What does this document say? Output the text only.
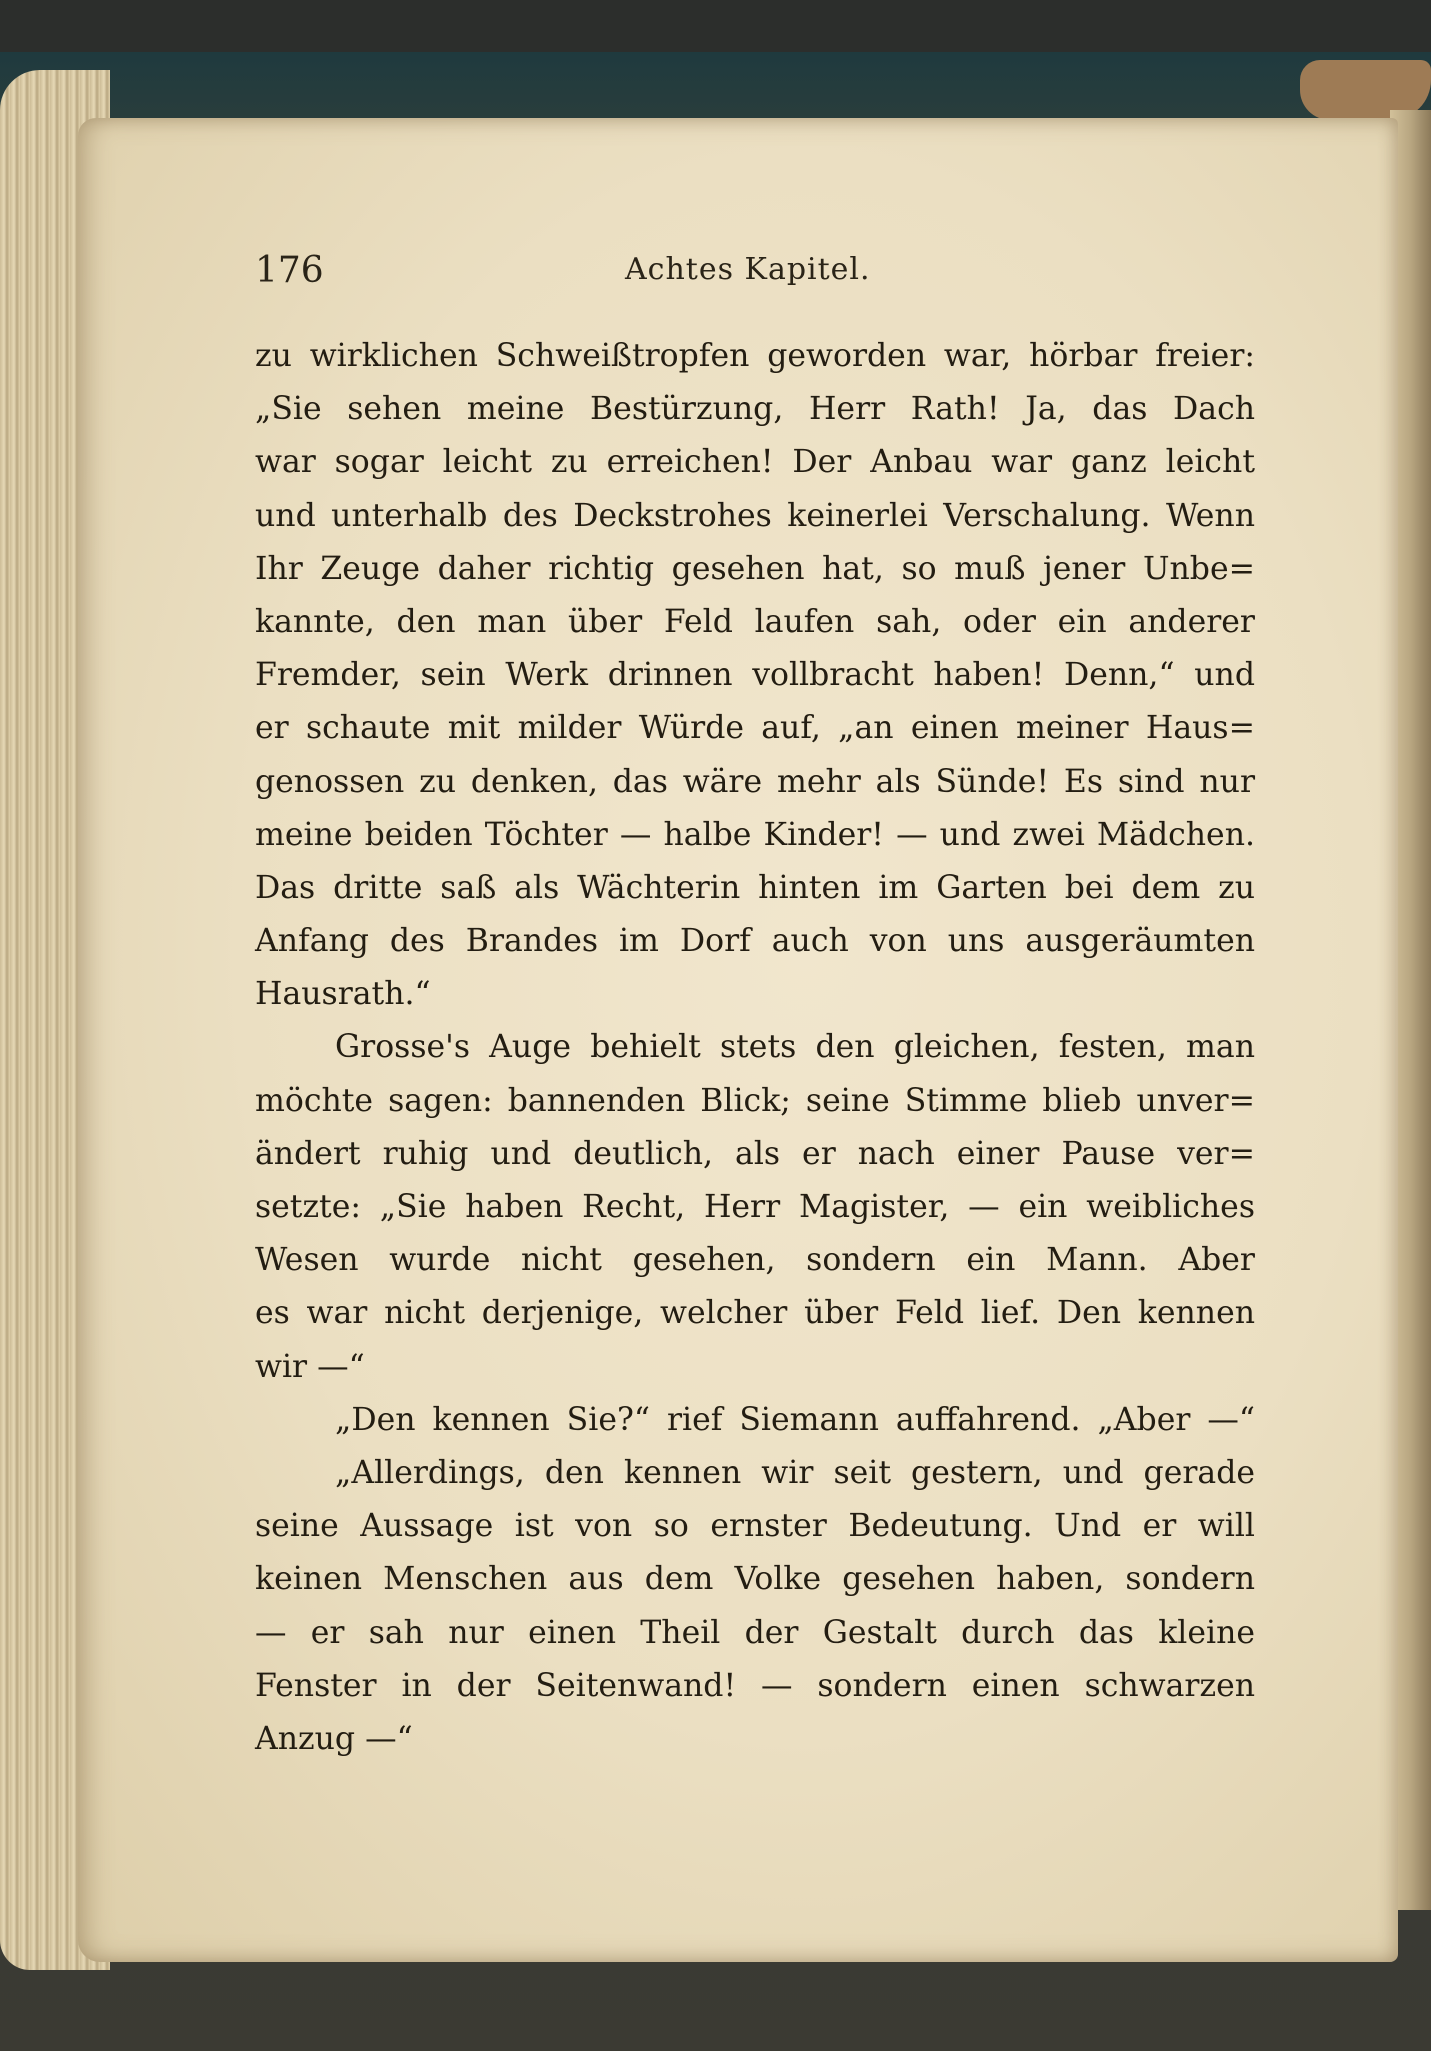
176	Achtes Kapitel.
zu wirklichen Schweißtropfen geworden war, hörbar freier:
„Sie sehen meine Bestürzung, Herr Rath! Ja, das Dach
war sogar leicht zu erreichen! Der Anbau war ganz leicht
und unterhalb des Deckstrohes keinerlei Verschalung. Wenn
Ihr Zeuge daher richtig gesehen hat, so muß jener Unbe=
kannte, den man über Feld laufen sah, oder ein anderer
Fremder, sein Werk drinnen vollbracht haben! Denn,“ und
er schaute mit milder Würde auf, „an einen meiner Haus=
genossen zu denken, das wäre mehr als Sünde! Es sind nur
meine beiden Töchter — halbe Kinder! — und zwei Mädchen.
Das dritte saß als Wächterin hinten im Garten bei dem zu
Anfang des Brandes im Dorf auch von uns ausgeräumten
Hausrath.“
Grosse's Auge behielt stets den gleichen, festen, man
möchte sagen: bannenden Blick; seine Stimme blieb unver=
ändert ruhig und deutlich, als er nach einer Pause ver=
setzte: „Sie haben Recht, Herr Magister, — ein weibliches
Wesen wurde nicht gesehen, sondern ein Mann. Aber
es war nicht derjenige, welcher über Feld lief. Den kennen
wir —“
„Den kennen Sie?“ rief Siemann auffahrend. „Aber —“
„Allerdings, den kennen wir seit gestern, und gerade
seine Aussage ist von so ernster Bedeutung. Und er will
keinen Menschen aus dem Volke gesehen haben, sondern
— er sah nur einen Theil der Gestalt durch das kleine
Fenster in der Seitenwand! — sondern einen schwarzen
Anzug —“
